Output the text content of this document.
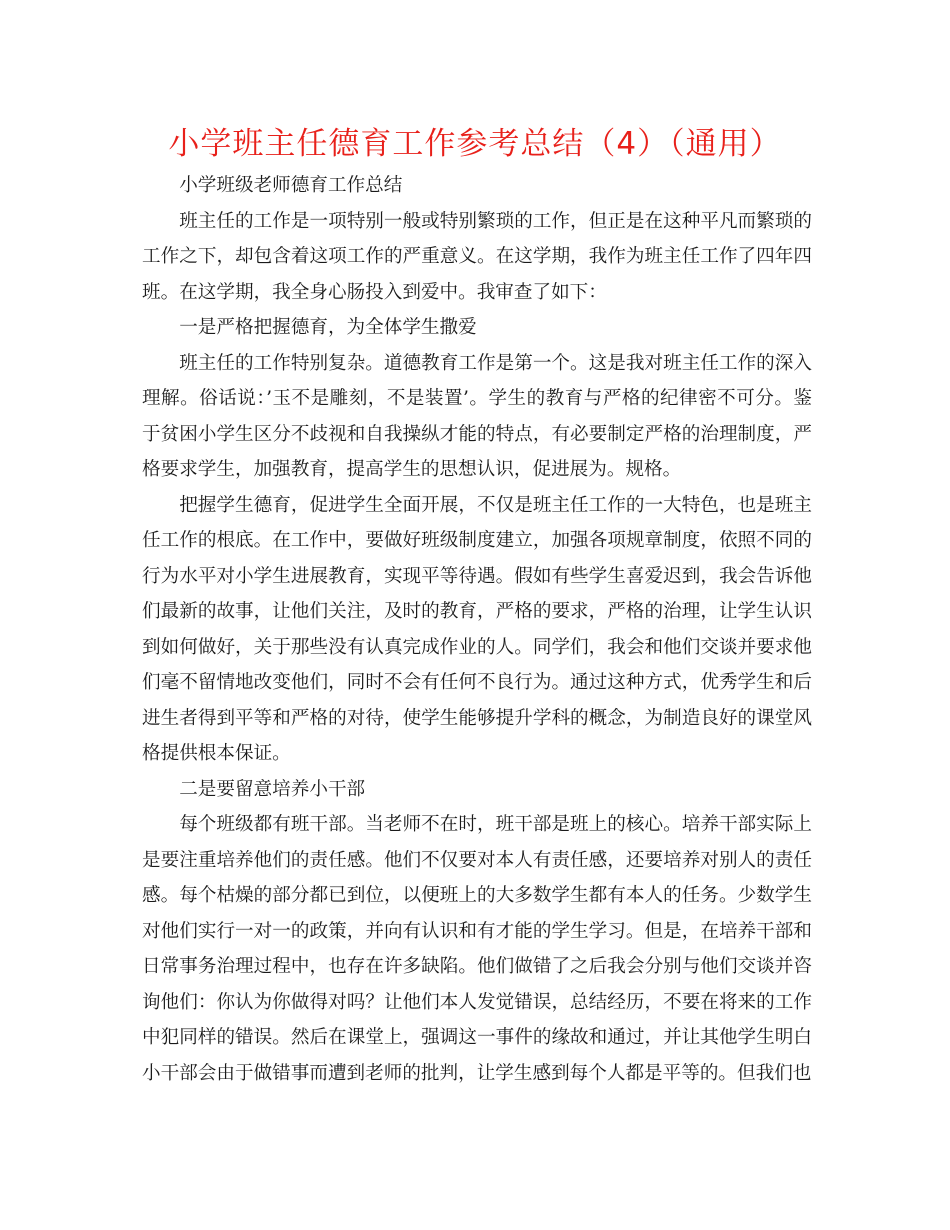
小学班主任德育工作参考总结（4）（通用）

小学班级老师德育工作总结

班主任的工作是一项特别一般或特别繁琐的工作，但正是在这种平凡而繁琐的工作之下，却包含着这项工作的严重意义。在这学期，我作为班主任工作了四年四班。在这学期，我全身心肠投入到爱中。我审查了如下：

一是严格把握德育，为全体学生撒爱

班主任的工作特别复杂。道德教育工作是第一个。这是我对班主任工作的深入理解。俗话说：’玉不是雕刻，不是装置’。学生的教育与严格的纪律密不可分。鉴于贫困小学生区分不歧视和自我操纵才能的特点，有必要制定严格的治理制度，严格要求学生，加强教育，提高学生的思想认识，促进展为。规格。

把握学生德育，促进学生全面开展，不仅是班主任工作的一大特色，也是班主任工作的根底。在工作中，要做好班级制度建立，加强各项规章制度，依照不同的行为水平对小学生进展教育，实现平等待遇。假如有些学生喜爱迟到，我会告诉他们最新的故事，让他们关注，及时的教育，严格的要求，严格的治理，让学生认识到如何做好，关于那些没有认真完成作业的人。同学们，我会和他们交谈并要求他们毫不留情地改变他们，同时不会有任何不良行为。通过这种方式，优秀学生和后进生者得到平等和严格的对待，使学生能够提升学科的概念，为制造良好的课堂风格提供根本保证。

二是要留意培养小干部

每个班级都有班干部。当老师不在时，班干部是班上的核心。培养干部实际上是要注重培养他们的责任感。他们不仅要对本人有责任感，还要培养对别人的责任感。每个枯燥的部分都已到位，以便班上的大多数学生都有本人的任务。少数学生对他们实行一对一的政策，并向有认识和有才能的学生学习。但是，在培养干部和日常事务治理过程中，也存在许多缺陷。他们做错了之后我会分别与他们交谈并咨询他们：你认为你做得对吗？让他们本人发觉错误，总结经历，不要在将来的工作中犯同样的错误。然后在课堂上，强调这一事件的缘故和通过，并让其他学生明白小干部会由于做错事而遭到老师的批判，让学生感到每个人都是平等的。但我们也
